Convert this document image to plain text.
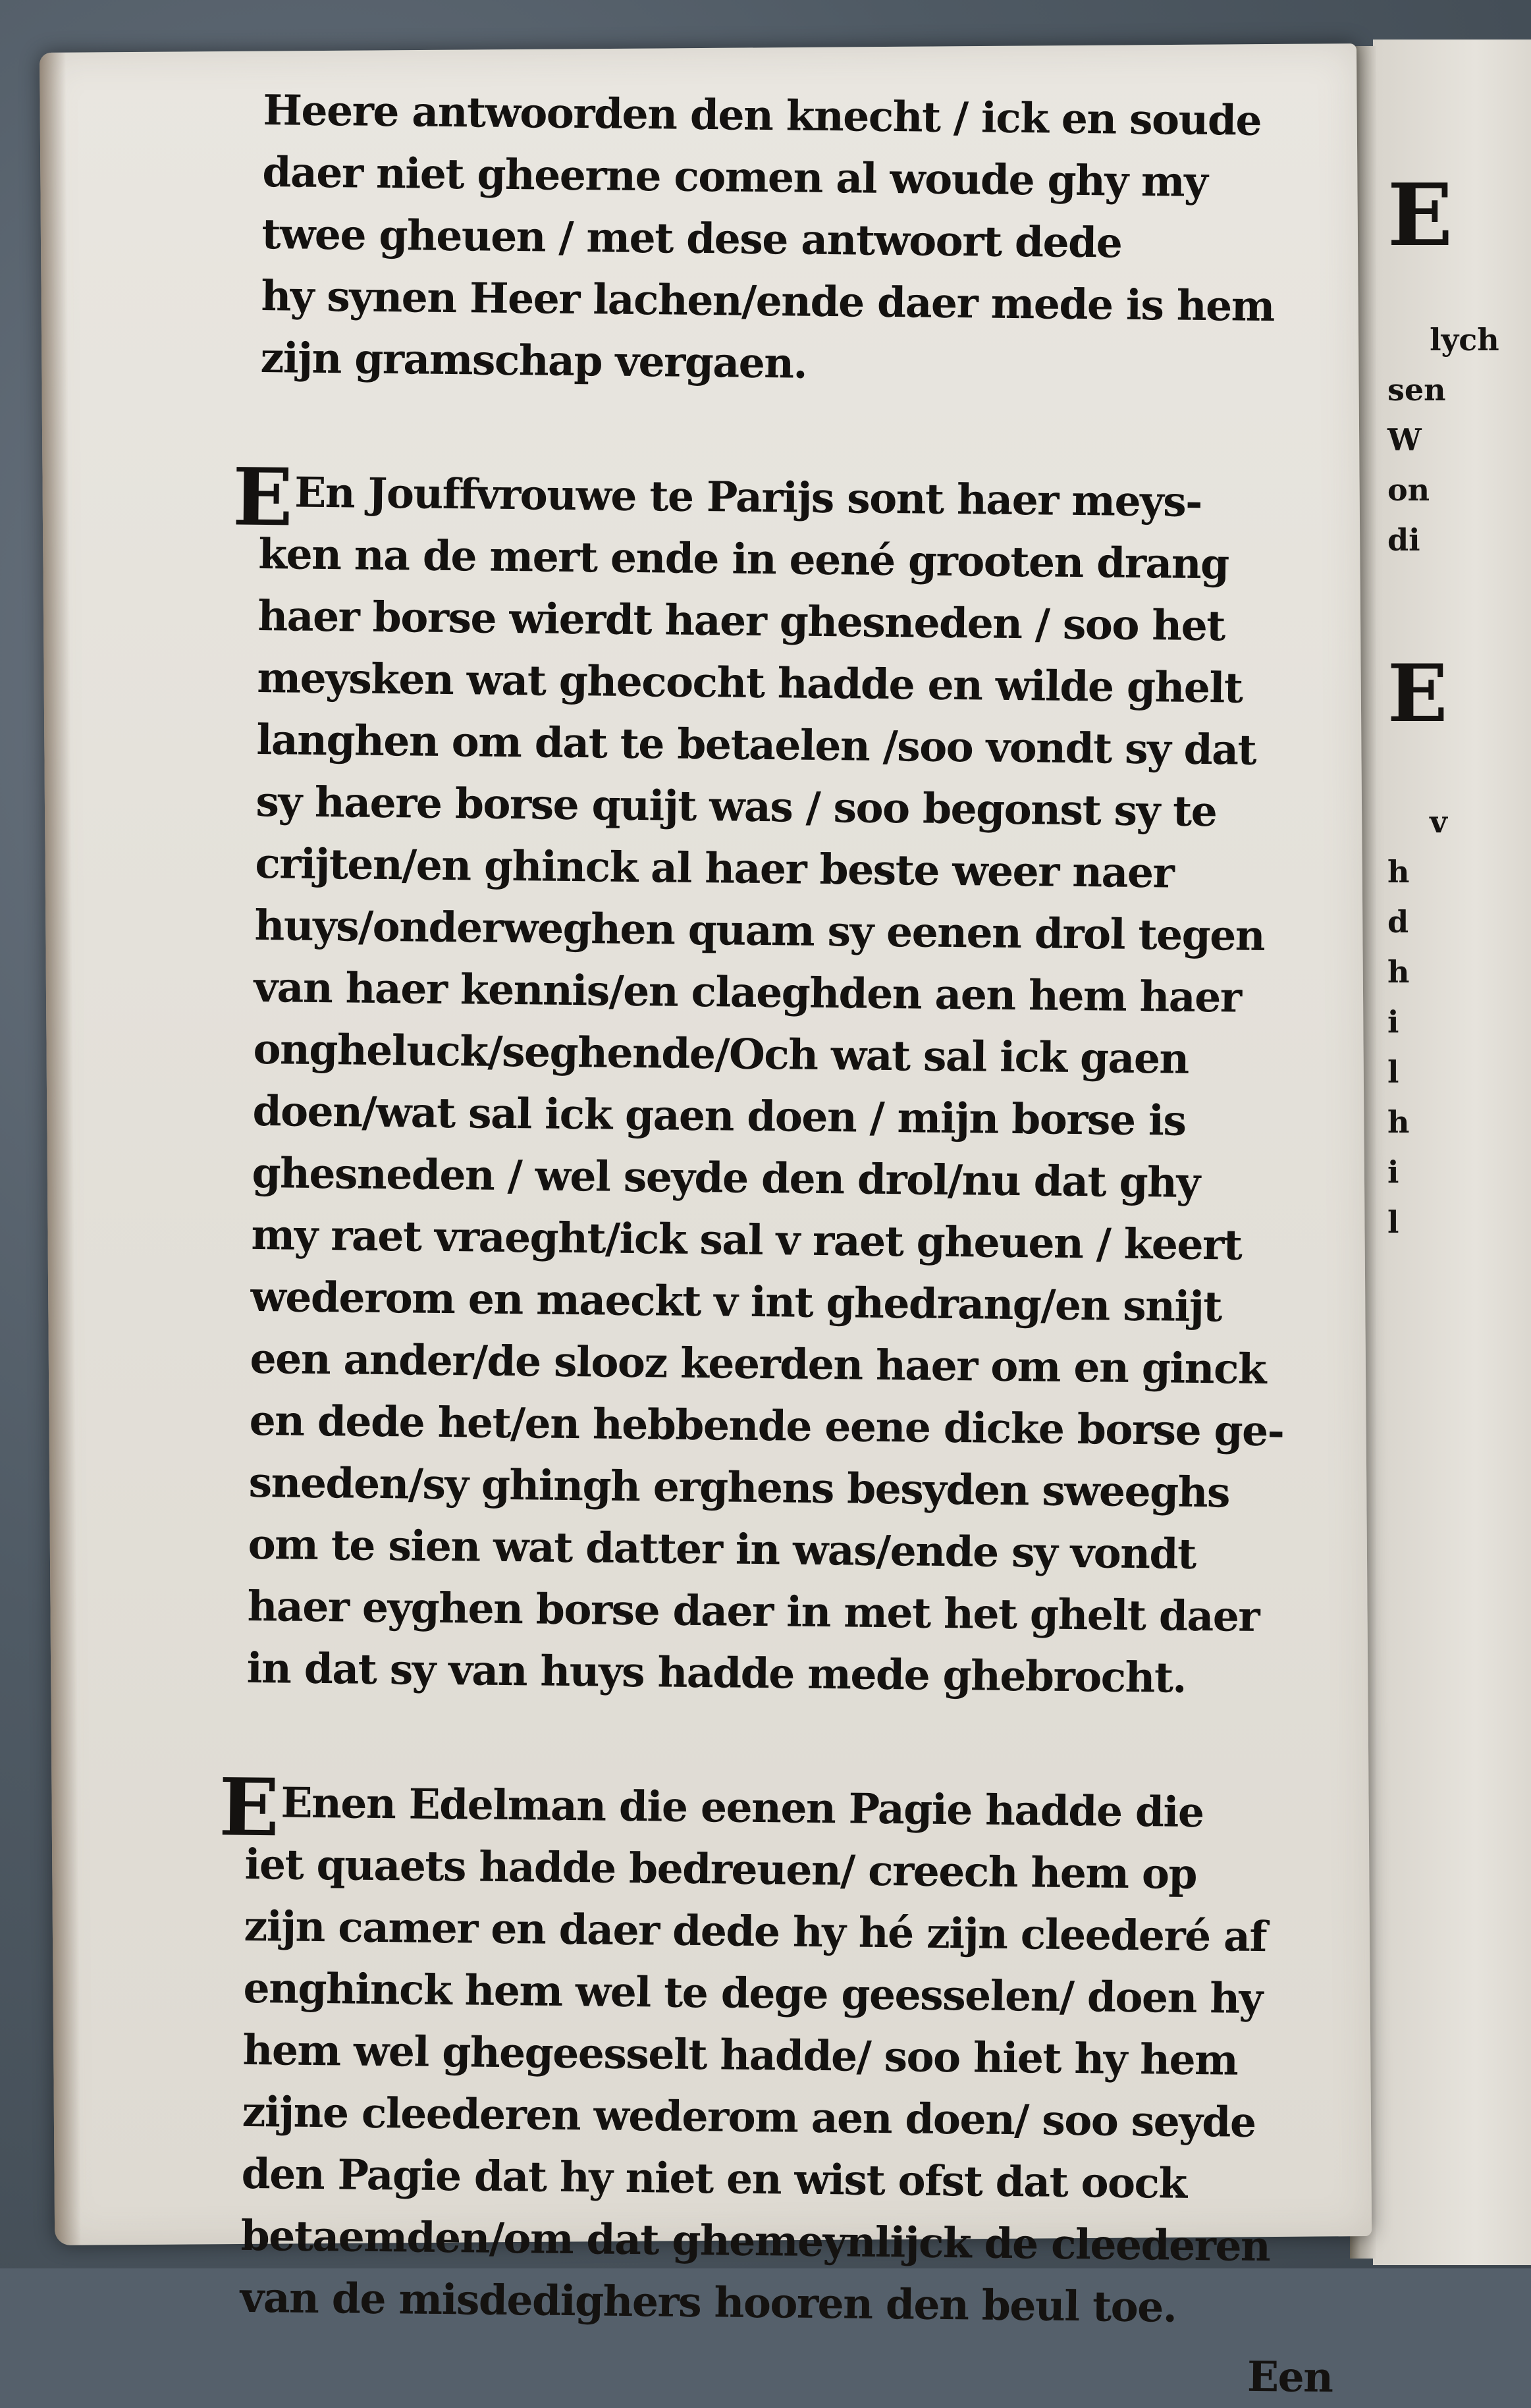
E

lych
sen
W
on
di

E

v
h
d
h
i
l
h
i
l

Heere antwoorden den knecht / ick en soude
daer niet gheerne comen al woude ghy my
twee gheuen / met dese antwoort dede
hy synen Heer lachen/ende daer mede is hem
zijn gramschap vergaen.
EEn Jouffvrouwe te Parijs sont haer meys-
ken na de mert ende in eené grooten drang
haer borse wierdt haer ghesneden / soo het
meysken wat ghecocht hadde en wilde ghelt
langhen om dat te betaelen /soo vondt sy dat
sy haere borse quijt was / soo begonst sy te
crijten/en ghinck al haer beste weer naer
huys/onderweghen quam sy eenen drol tegen
van haer kennis/en claeghden aen hem haer
ongheluck/seghende/Och wat sal ick gaen
doen/wat sal ick gaen doen / mijn borse is
ghesneden / wel seyde den drol/nu dat ghy
my raet vraeght/ick sal v raet gheuen / keert
wederom en maeckt v int ghedrang/en snijt
een ander/de slooz keerden haer om en ginck
en dede het/en hebbende eene dicke borse ge-
sneden/sy ghingh erghens besyden sweeghs
om te sien wat datter in was/ende sy vondt
haer eyghen borse daer in met het ghelt daer
in dat sy van huys hadde mede ghebrocht.
EEnen Edelman die eenen Pagie hadde die
iet quaets hadde bedreuen/ creech hem op
zijn camer en daer dede hy hé zijn cleederé af
enghinck hem wel te dege geesselen/ doen hy
hem wel ghegeesselt hadde/ soo hiet hy hem
zijne cleederen wederom aen doen/ soo seyde
den Pagie dat hy niet en wist ofst dat oock
betaemden/om dat ghemeynlijck de cleederen
van de misdedighers hooren den beul toe.
Een
